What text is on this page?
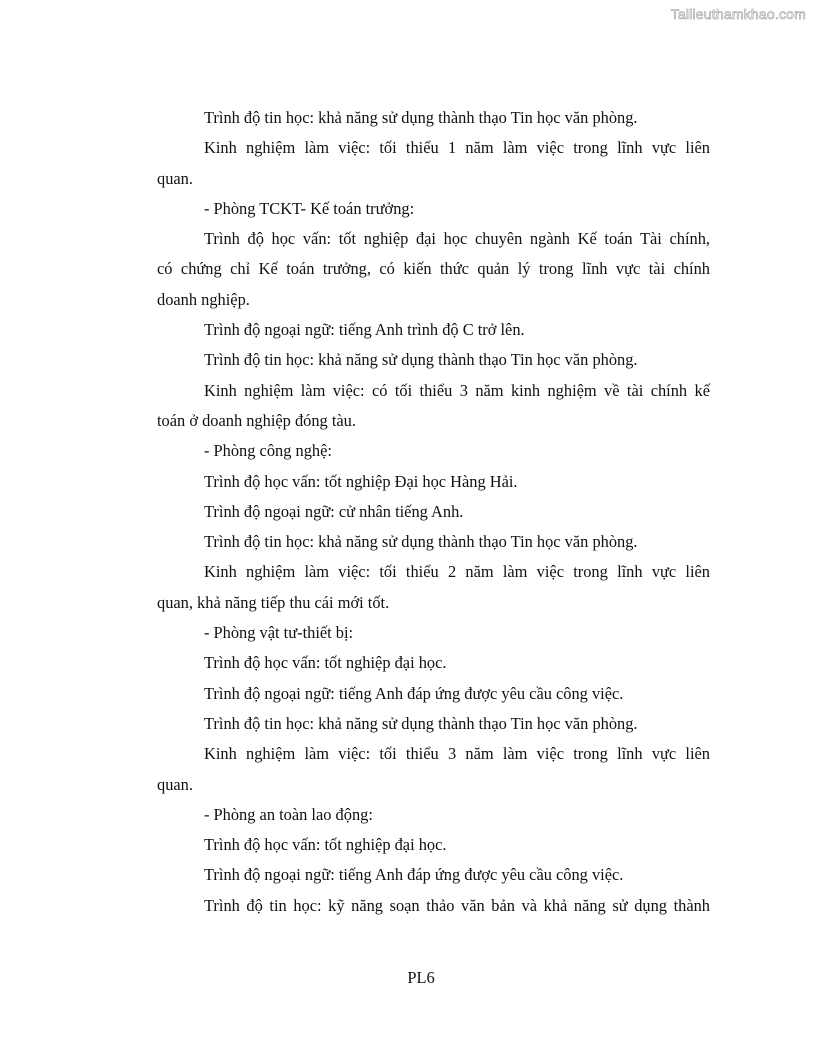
Tailieuthamkhao.com
Trình độ tin học: khả năng sử dụng thành thạo Tin học văn phòng.
Kinh nghiệm làm việc: tối thiểu 1 năm làm việc trong lĩnh vực liên
quan.
- Phòng TCKT- Kế toán trưởng:
Trình độ học vấn: tốt nghiệp đại học chuyên ngành Kế toán Tài chính,
có chứng chỉ Kế toán trưởng, có kiến thức quản lý trong lĩnh vực tài chính
doanh nghiệp.
Trình độ ngoại ngữ: tiếng Anh trình độ C trở lên.
Trình độ tin học: khả năng sử dụng thành thạo Tin học văn phòng.
Kinh nghiệm làm việc: có tối thiểu 3 năm kinh nghiệm về tài chính kế
toán ở doanh nghiệp đóng tàu.
- Phòng công nghệ:
Trình độ học vấn: tốt nghiệp Đại học Hàng Hải.
Trình độ ngoại ngữ: cử nhân tiếng Anh.
Trình độ tin học: khả năng sử dụng thành thạo Tin học văn phòng.
Kinh nghiệm làm việc: tối thiểu 2 năm làm việc trong lĩnh vực liên
quan, khả năng tiếp thu cái mới tốt.
- Phòng vật tư-thiết bị:
Trình độ học vấn: tốt nghiệp đại học.
Trình độ ngoại ngữ: tiếng Anh đáp ứng được yêu cầu công việc.
Trình độ tin học: khả năng sử dụng thành thạo Tin học văn phòng.
Kinh nghiệm làm việc: tối thiểu 3 năm làm việc trong lĩnh vực liên
quan.
- Phòng an toàn lao động:
Trình độ học vấn: tốt nghiệp đại học.
Trình độ ngoại ngữ: tiếng Anh đáp ứng được yêu cầu công việc.
Trình độ tin học: kỹ năng soạn thảo văn bản và khả năng sử dụng thành
PL6
